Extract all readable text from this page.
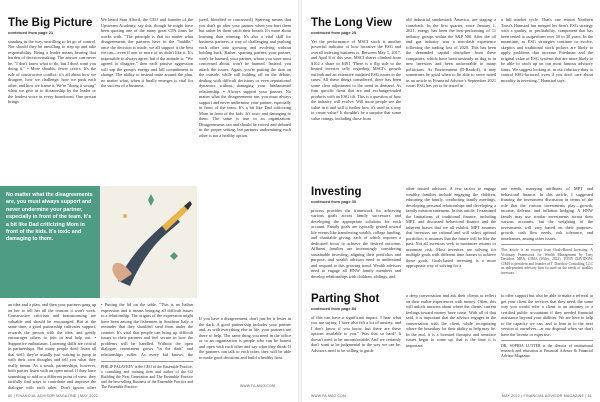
The Big Picture
continued from page 21

standing in the way, unwilling to let go of control. Nor should they be unwilling to step up and take responsibility. Being a leader means bearing that burden of decision-making. The answer can never be, "I don't know what to do, but I don't want you doing it." • More shoulds, fewer critics. It's the rule of constructive conflict: it's all about how we disagree, how we challenge, how we push each other, and how we frame it. We're "doing it wrong" when we give in to dictatorship by the leader or the loudest voice in every boardroom. One person brings

We heard Sam Alford, the CEO and founder of the Upstream Academy, say this, though he might have been quoting one of the many great CPA firms he works with. "The principle is that no matter what disagreements the partners have in the "huddle," once the decision is made, we all support it the best we can—even if one or more of us didn't like it. It's impossible to always agree, but if the attitude is: "We agreed to disagree," then each passive aggression will sap the group's energy and kill commitment to change. The ability to instead unite around the plan, no matter what, when it finally emerges is vital for the success of a business.

jored, bloodied or concussed.) Sparring means that you don't go after your partner when you hurt them but rather let them catch their breath. It's more about learning than winning. It's also a vital skill for business partners, a way of challenging and pushing each other into growing and evolving without holding back. Rather, sparring partner, your partner, won't be harmed; your partner, whom you were most concerned about, won't be harmed. Instead, you attack the issues. Again, you're putting the skin on the outside, while still holding off on the debate, dealing with difficult decisions or even reputational dynamics without damaging your fundamental relationship. • Always support your partner. No matter what the disagreements are, you must always support and never undermine your partner, especially in front of the team. It's a bit like Dad criticizing Mom in front of the kids. It's toxic and damaging to them. The same is true in an organization. Disagreements can and should be voiced and debated in the proper setting, but partners undermining each other is not a healthy option.

No matter what the disagreements are, you must always support and never undermine your partner, especially in front of the team. It's a bit like Dad criticizing Mom in front of the kids. It's toxic and damaging to them.

an idea and a plan, and then your partners gang up on her to tell her all the reasons it won't work. Constructive criticism and brainstorming are valuable and should be encouraged. But at the same time, a good partnership cultivates support, rewards the person with the idea, and gently encourages others to join in and help out. • Supportive enthusiasm. Listening skills are critical in partnerships. But many people don't listen all that well; they're usually just waiting to jump in with their own thoughts and tell you what they really meant. As a result, partnerships, however, both parties listen with an open mind. If they have something to add or a different point of view, they tactfully find ways to contribute and improve the dialogue with each other. Don't ignore other

• Putting the lid on the table. "This is an Italian expression and it means bringing all difficult issues to a relationship. The origins of the expression might have been among the fishermen in Southern Italy, a reminder that they shouldn't steal from under the counter. It's vital that people can bring up difficult issues to their partners and feel secure in how the problems will be handled. Without the open dialogue, resentment grows "in the dark" and relationships suffer. As every kid knows, the

PHILIP PALAVEEV is the CEO of the Ensemble Practice, a consulting and training firm and author of the G2 Building the Next Generation and The Ensemble Practice and the best-selling Business of the Ensemble Practice and The Ensemble Practice.

If you have a disagreement, don't just let it fester in the dark. A good partnership includes your partner and, as with everything else in life, your partners are there to help. The same thing you need in the office or in an organization is people who can be honest and open with each other and say what they think. If the partners can talk to each other, they will be able to make good decisions and build a healthy firm.

WWW.FA-MAG.COM
60 | FINANCIAL ADVISOR MAGAZINE | MAY 2022
The Long View
continued from page 25

Yet the performance of MSCI stock is another powerful indicator of how lucrative the ESG and overall indexing business is. Between May 1, 2017, and April 8 of this year, MSCI shares climbed from $102 a share to $491. There is a flip side to the heated investor tally regarding MSCI's growth outlook and an extensive outdated ESG issues in the cases. All these things considered, there has been some clear adjustment to the trend in demand. As firm specific firms that are and exchange-traded products with an ESG tilt. This is a question of how the industry will evolve. Will more people see the value in it and will it further how it's used as a way to create value? It shouldn't be a surprise that some value ratings, including those from

old industrial smokestack America, are staging a comeback. In the first quarter, since January 1, 2021, energy has been the best-performing of 11 industry groups within the S&P 500. After the oil and gas industry was a non-dash experience following the trading loss of 2020. This has been the demanded capital discipline from these companies, which have been unsteady as dug to in new investors and been unfavorable to many politicians. As Environment (D-Rank-4), it may sometimes be good when to be able to serve noted in an article in Financial Advisor's September 2021 issue, ESG has yet to be tested in

a full market cycle. That's one reason Northern Trust's Hamstad has merged his firm's ESG strategy with a quality, or profitability, component that has been tested to outperform over 50 to 30 years. In the meantime, as ESG strategies continue to evolve, skeptics and traditional stock pickers are likely to apply problems that increase Friedman and the original value of ESG systems that are more likely to be able to catch up on our most famous advisory firms. We suggest looking at, in our fiduciary duty to control ESG-factored, even if you don't care about morality in investing." Hamstad says.

Investing
continued from page 30

process provides the framework for achieving various goals across family successors and developing the appropriate solutions for each account. Family goals are typically geared toward life events like transferring wealth, college funding, and charitable giving, each of which requires a dedicated focus to achieve the desired outcome. Affluent families are increasingly considering sustainable investing, aligning their portfolios and purpose, and wealth advisors need to understand and respond to this growing trend. Wealth advisors need to engage all HNW family members and develop relationships with children, siblings, and

other trusted advisors. A few tactics to engage wealthy families include engaging the children, educating the family, conducting family meetings, developing personal relationships and developing a family mission statement. In this article, I examined the limitations of traditional finance, including MPT, and discussed behavioral finance and the inherent biases that we all exhibit. MPT assumes that investors are rational and will select optimal portfolios; it assumes that the future will be like the past. Not all investors seek to maximize returns or minimize risk. Most investors are solving for multiple goals with different time frames to achieve those goals. Goals-based investing is a more appropriate way of solving for a

one needs, marrying attributes of MPT and behavioral finance. In this article, I suggested framing the investment discussion in terms of the role that the various investments play—growth, income, defense, and inflation hedging. A HNW family may use similar investments across their various accounts, but the weighting of the investments will vary based on their purposes: growth, cash flow needs, risk tolerance, and timeframes, among other issues.

This article is an excerpt from Goals-Based Investing: A Visionary Framework for Wealth Management by Tony Davidow, MBA, CIMA (Wiley, 2022). TONY DAVIDOW, CIMA is president and founder of T. Davidow Consulting, LLC an independent advisory firm focused on the needs of wealthy investors.

Parting Shot
continued from page 84

of this can have a significant impact. I hear what you are saying. I have also felt a lot of anxiety, and I don't know if you know, but there are these options available to you." Was that so hard? It doesn't need to be uncomfortable. And we certainly don't want to be judgmental in the way we can be. Advisors need to be willing to guide

a deep conversation and ask their clients to reflect on their earlier experiences with money. Often, this will unlock answers about where the clients' current feelings toward money have come. With all of that said, it is important that the advisor engages in the conversation with the client, while recognizing where the boundary for their ability to help may lie. In the end, it is a licensed therapist and sensitive issues begin to come up, that is the time it is important

to offer support but also be able to make a referral to get your client the services that they need, the same way you would refer a client to an attorney or a certified public accountant if they needed financial assistance beyond your abilities. We are here to help to the capacity we can, and to lean in to the next version of ourselves—at our disposal when we don't have the license or expertise.

DR. SOPHIA LUTTER is the director of institutional research and education at Financial Advisor & Financial Advisor Magazine.

WWW.FA-MAG.COM	MAY 2022 | FINANCIAL ADVISOR MAGAZINE | 61
